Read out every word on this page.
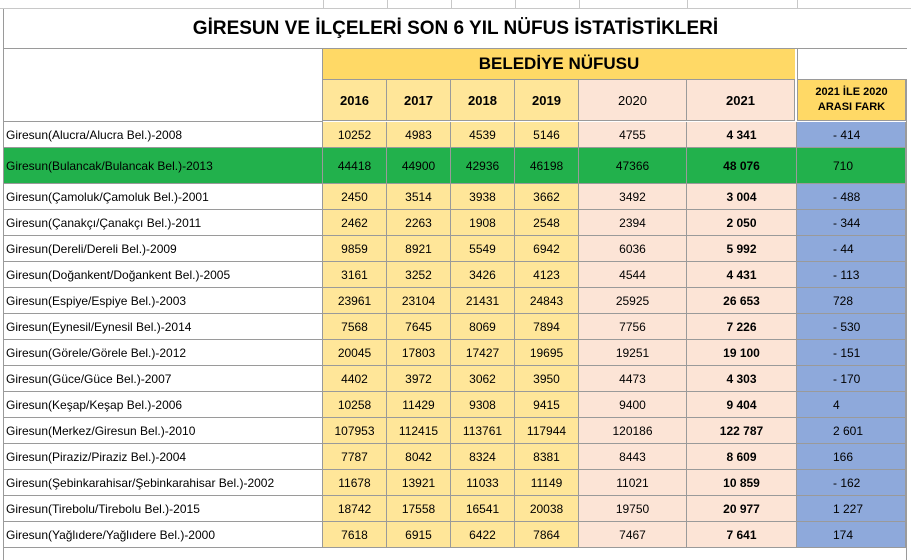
GİRESUN VE İLÇELERİ SON 6 YIL NÜFUS İSTATİSTİKLERİ
BELEDİYE NÜFUSU
2016	2017	2018	2019	2020	2021
2021 İLE 2020
ARASI FARK
Giresun(Alucra/Alucra Bel.)-2008	10252	4983	4539	5146	4755	4 341	- 414
Giresun(Bulancak/Bulancak Bel.)-2013	44418	44900	42936	46198	47366	48 076	710
Giresun(Çamoluk/Çamoluk Bel.)-2001	2450	3514	3938	3662	3492	3 004	- 488
Giresun(Çanakçı/Çanakçı Bel.)-2011	2462	2263	1908	2548	2394	2 050	- 344
Giresun(Dereli/Dereli Bel.)-2009	9859	8921	5549	6942	6036	5 992	- 44
Giresun(Doğankent/Doğankent Bel.)-2005	3161	3252	3426	4123	4544	4 431	- 113
Giresun(Espiye/Espiye Bel.)-2003	23961	23104	21431	24843	25925	26 653	728
Giresun(Eynesil/Eynesil Bel.)-2014	7568	7645	8069	7894	7756	7 226	- 530
Giresun(Görele/Görele Bel.)-2012	20045	17803	17427	19695	19251	19 100	- 151
Giresun(Güce/Güce Bel.)-2007	4402	3972	3062	3950	4473	4 303	- 170
Giresun(Keşap/Keşap Bel.)-2006	10258	11429	9308	9415	9400	9 404	4
Giresun(Merkez/Giresun Bel.)-2010	107953	112415	113761	117944	120186	122 787	2 601
Giresun(Piraziz/Piraziz Bel.)-2004	7787	8042	8324	8381	8443	8 609	166
Giresun(Şebinkarahisar/Şebinkarahisar Bel.)-2002	11678	13921	11033	11149	11021	10 859	- 162
Giresun(Tirebolu/Tirebolu Bel.)-2015	18742	17558	16541	20038	19750	20 977	1 227
Giresun(Yağlıdere/Yağlıdere Bel.)-2000	7618	6915	6422	7864	7467	7 641	174
